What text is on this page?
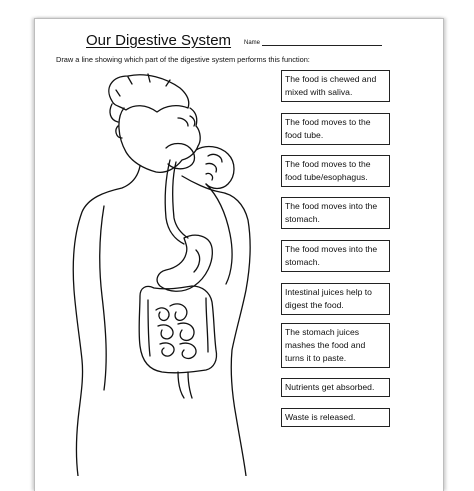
Our Digestive System Name
Draw a line showing which part of the digestive system performs this function:
The food is chewed and mixed with saliva.
The food moves to the food tube.
The food moves to the food tube/esophagus.
The food moves into the stomach.
The food moves into the stomach.
Intestinal juices help to digest the food.
The stomach juices mashes the food and turns it to paste.
Nutrients get absorbed.
Waste is released.
